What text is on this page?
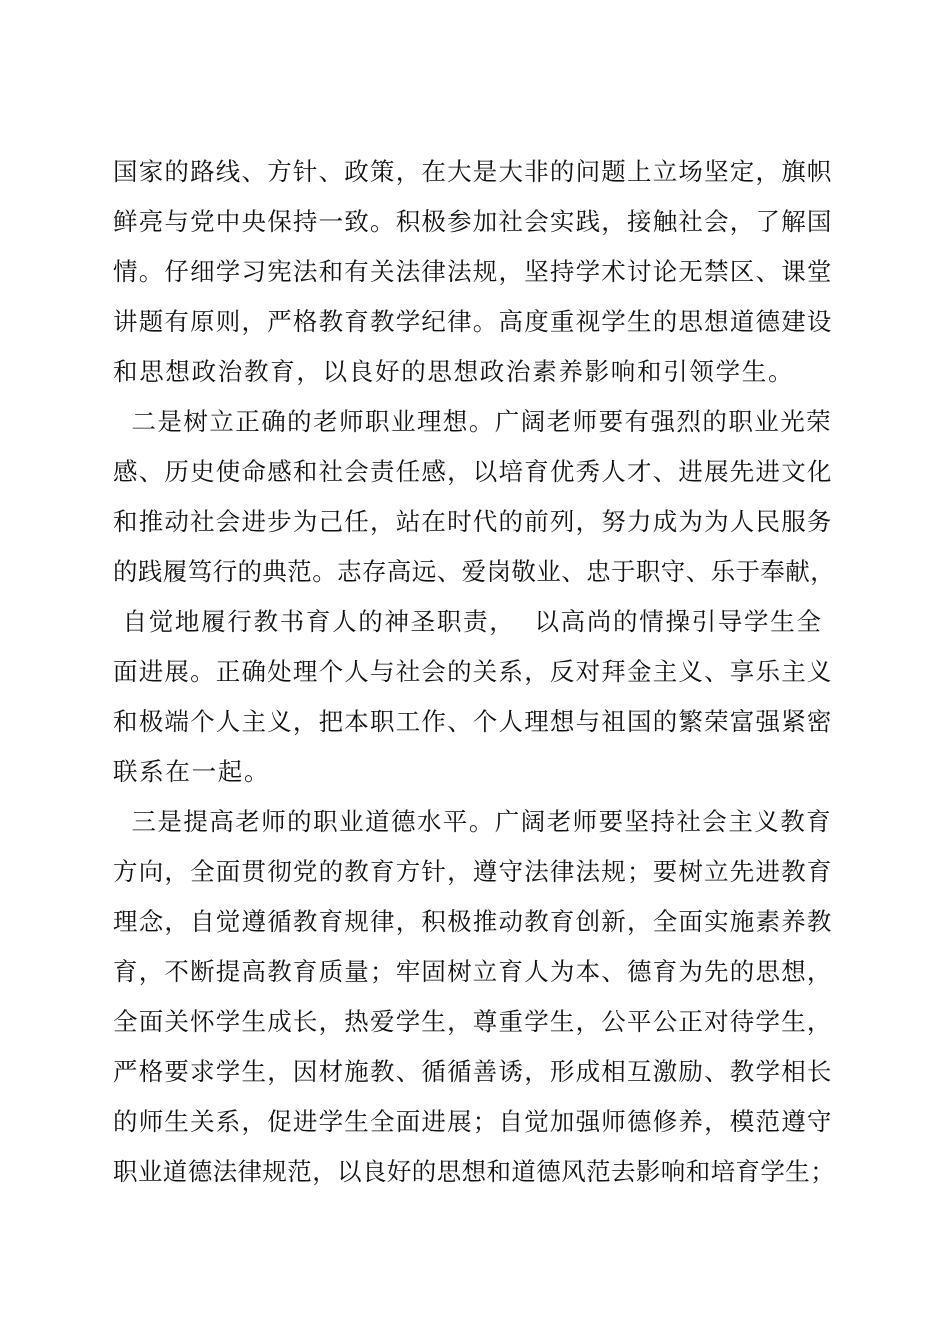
国家的路线、方针、政策，在大是大非的问题上立场坚定，旗帜
鲜亮与党中央保持一致。积极参加社会实践，接触社会，了解国
情。仔细学习宪法和有关法律法规，坚持学术讨论无禁区、课堂
讲题有原则，严格教育教学纪律。高度重视学生的思想道德建设
和思想政治教育，以良好的思想政治素养影响和引领学生。
二是树立正确的老师职业理想。广阔老师要有强烈的职业光荣
感、历史使命感和社会责任感，以培育优秀人才、进展先进文化
和推动社会进步为己任，站在时代的前列，努力成为为人民服务
的践履笃行的典范。志存高远、爱岗敬业、忠于职守、乐于奉献，
自觉地履行教书育人的神圣职责，  以高尚的情操引导学生全
面进展。正确处理个人与社会的关系，反对拜金主义、享乐主义
和极端个人主义，把本职工作、个人理想与祖国的繁荣富强紧密
联系在一起。
三是提高老师的职业道德水平。广阔老师要坚持社会主义教育
方向，全面贯彻党的教育方针，遵守法律法规；要树立先进教育
理念，自觉遵循教育规律，积极推动教育创新，全面实施素养教
育，不断提高教育质量；牢固树立育人为本、德育为先的思想，
全面关怀学生成长，热爱学生，尊重学生，公平公正对待学生，
严格要求学生，因材施教、循循善诱，形成相互激励、教学相长
的师生关系，促进学生全面进展；自觉加强师德修养，模范遵守
职业道德法律规范，以良好的思想和道德风范去影响和培育学生；
